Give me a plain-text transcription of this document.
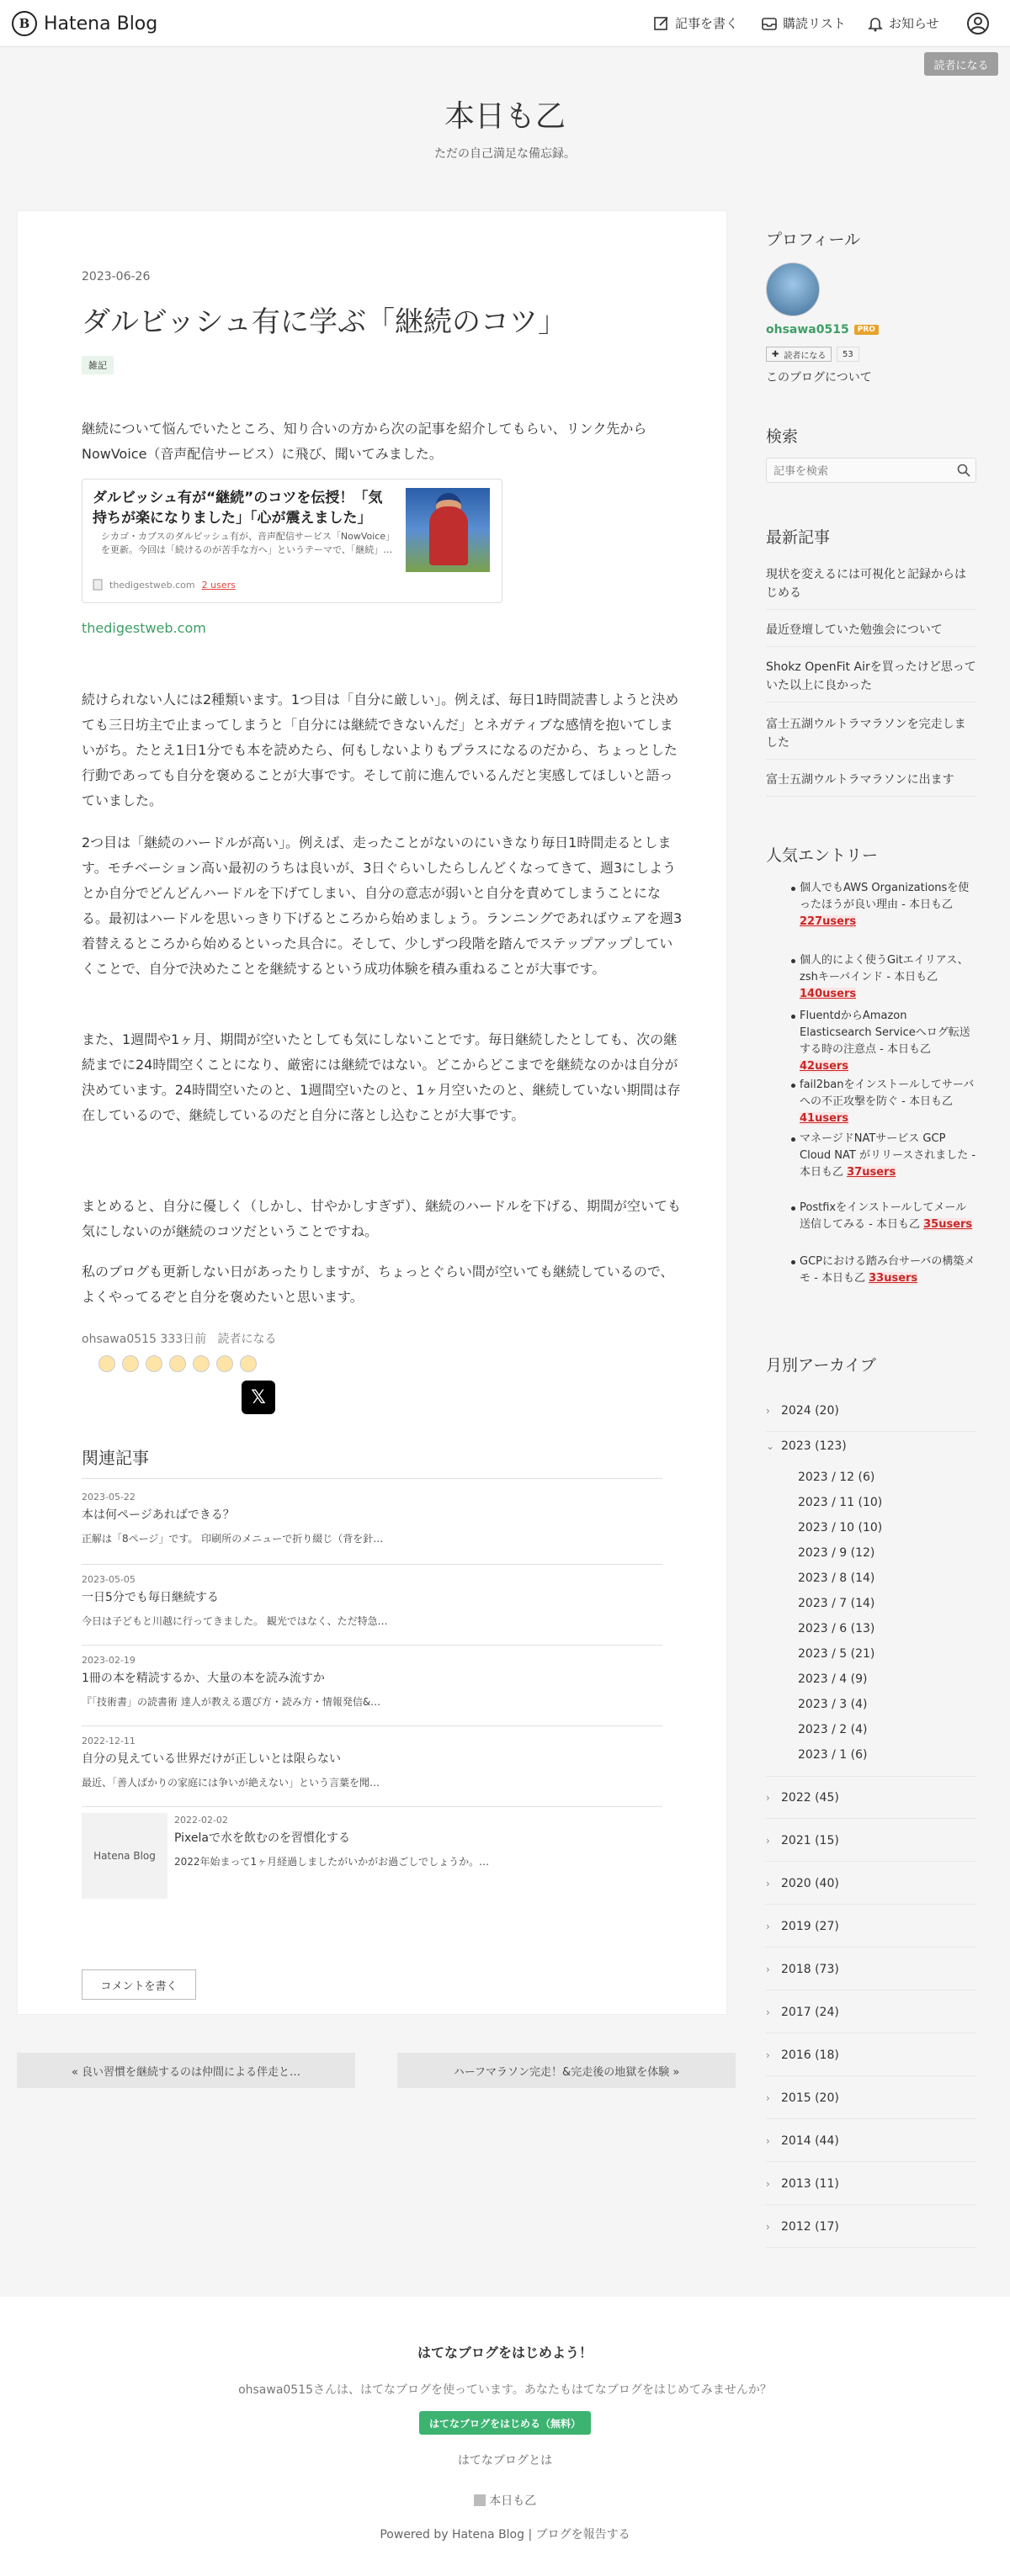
B Hatena Blog	記事を書く	購読リスト	お知らせ
読者になる
本日も乙
ただの自己満足な備忘録。
2023-06-26
ダルビッシュ有に学ぶ「継続のコツ」
雑記

継続について悩んでいたところ、知り合いの方から次の記事を紹介してもらい、リンク先からNowVoice（音声配信サービス）に飛び、聞いてみました。

ダルビッシュ有が“継続”のコツを伝授！「気持ちが楽になりました」「心が震えました」
シカゴ・カブスのダルビッシュ有が、音声配信サービス「NowVoice」を更新。今回は「続けるのが苦手な方へ」というテーマで、「継続」…
thedigestweb.com 2 users
thedigestweb.com

続けられない人には2種類います。1つ目は「自分に厳しい」。例えば、毎日1時間読書しようと決めても三日坊主で止まってしまうと「自分には継続できないんだ」とネガティブな感情を抱いてしまいがち。たとえ1日1分でも本を読めたら、何もしないよりもプラスになるのだから、ちょっとした行動であっても自分を褒めることが大事です。そして前に進んでいるんだと実感してほしいと語っていました。

2つ目は「継続のハードルが高い」。例えば、走ったことがないのにいきなり毎日1時間走るとします。モチベーション高い最初のうちは良いが、3日ぐらいしたらしんどくなってきて、週3にしようとか自分でどんどんハードルを下げてしまい、自分の意志が弱いと自分を責めてしまうことになる。最初はハードルを思いっきり下げるところから始めましょう。ランニングであればウェアを週3着替えるところから始めるといった具合に。そして、少しずつ段階を踏んでステップアップしていくことで、自分で決めたことを継続するという成功体験を積み重ねることが大事です。

また、1週間や1ヶ月、期間が空いたとしても気にしないことです。毎日継続したとしても、次の継続までに24時間空くことになり、厳密には継続ではない。どこからどこまでを継続なのかは自分が決めています。24時間空いたのと、1週間空いたのと、1ヶ月空いたのと、継続していない期間は存在しているので、継続しているのだと自分に落とし込むことが大事です。

まとめると、自分に優しく（しかし、甘やかしすぎず）、継続のハードルを下げる、期間が空いても気にしないのが継続のコツだということですね。

私のブログも更新しない日があったりしますが、ちょっとぐらい間が空いても継続しているので、よくやってるぞと自分を褒めたいと思います。

ohsawa0515 333日前 読者になる
𝕏
関連記事
2023-05-22
本は何ページあればできる？
正解は「8ページ」です。 印刷所のメニューで折り綴じ（背を針…
2023-05-05
一日5分でも毎日継続する
今日は子どもと川越に行ってきました。 観光ではなく、ただ特急…
2023-02-19
1冊の本を精読するか、大量の本を読み流すか
『「技術書」の読書術 達人が教える選び方・読み方・情報発信&…
2022-12-11
自分の見えている世界だけが正しいとは限らない
最近、「善人ばかりの家庭には争いが絶えない」という言葉を聞…
Hatena Blog
2022-02-02
Pixelaで水を飲むのを習慣化する
2022年始まって1ヶ月経過しましたがいかがお過ごしでしょうか。…
コメントを書く
« 良い習慣を継続するのは仲間による伴走と…	ハーフマラソン完走！&完走後の地獄を体験 »
プロフィール
ohsawa0515	PRO
✚ 読者になる	53
このブログについて
検索
記事を検索
最新記事
現状を変えるには可視化と記録からはじめる
最近登壇していた勉強会について
Shokz OpenFit Airを買ったけど思っていた以上に良かった
富士五湖ウルトラマラソンを完走しました
富士五湖ウルトラマラソンに出ます
人気エントリー
個人でもAWS Organizationsを使ったほうが良い理由 - 本日も乙 227users
個人的によく使うGitエイリアス、zshキーバインド - 本日も乙 140users
FluentdからAmazon Elasticsearch Serviceへログ転送する時の注意点 - 本日も乙 42users
fail2banをインストールしてサーバへの不正攻撃を防ぐ - 本日も乙 41users
マネージドNATサービス GCP Cloud NAT がリリースされました - 本日も乙 37users
Postfixをインストールしてメール送信してみる - 本日も乙 35users
GCPにおける踏み台サーバの構築メモ - 本日も乙 33users
月別アーカイブ
› 2024 (20)
⌄ 2023 (123)
2023 / 12 (6)
2023 / 11 (10)
2023 / 10 (10)
2023 / 9 (12)
2023 / 8 (14)
2023 / 7 (14)
2023 / 6 (13)
2023 / 5 (21)
2023 / 4 (9)
2023 / 3 (4)
2023 / 2 (4)
2023 / 1 (6)
› 2022 (45)
› 2021 (15)
› 2020 (40)
› 2019 (27)
› 2018 (73)
› 2017 (24)
› 2016 (18)
› 2015 (20)
› 2014 (44)
› 2013 (11)
› 2012 (17)
はてなブログをはじめよう！
ohsawa0515さんは、はてなブログを使っています。あなたもはてなブログをはじめてみませんか？
はてなブログをはじめる（無料）
はてなブログとは
本日も乙
Powered by Hatena Blog | ブログを報告する
